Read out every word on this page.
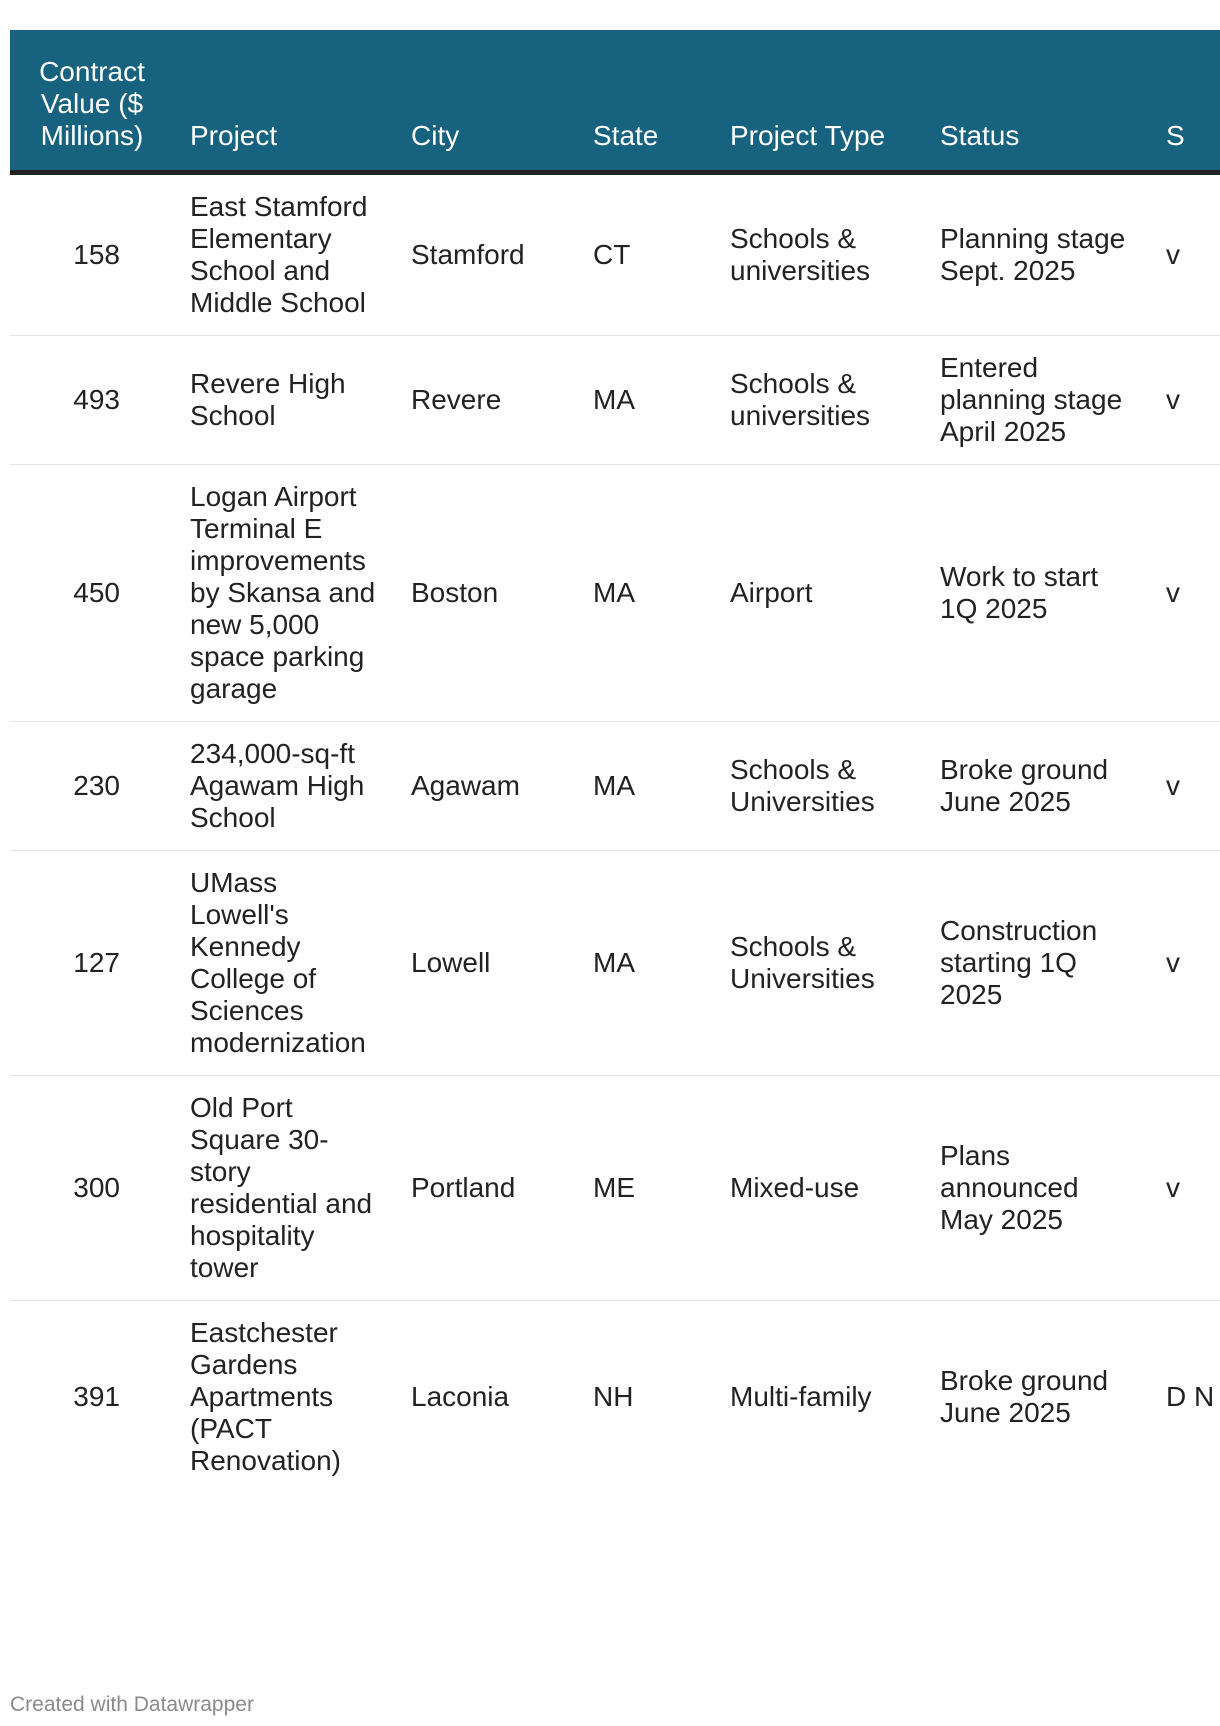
Contract Value ($ Millions)	Project	City	State	Project Type	Status	S
158	East Stamford Elementary School and Middle School	Stamford	CT	Schools & universities	Planning stage Sept. 2025	v
493	Revere High School	Revere	MA	Schools & universities	Entered planning stage April 2025	v
450	Logan Airport Terminal E improvements by Skansa and new 5,000 space parking garage	Boston	MA	Airport	Work to start 1Q 2025	v
230	234,000-sq-ft Agawam High School	Agawam	MA	Schools & Universities	Broke ground June 2025	v
127	UMass Lowell's Kennedy College of Sciences modernization	Lowell	MA	Schools & Universities	Construction starting 1Q 2025	v
300	Old Port Square 30-story residential and hospitality tower	Portland	ME	Mixed-use	Plans announced May 2025	v
391	Eastchester Gardens Apartments (PACT Renovation)	Laconia	NH	Multi-family	Broke ground June 2025	D N
Created with Datawrapper
